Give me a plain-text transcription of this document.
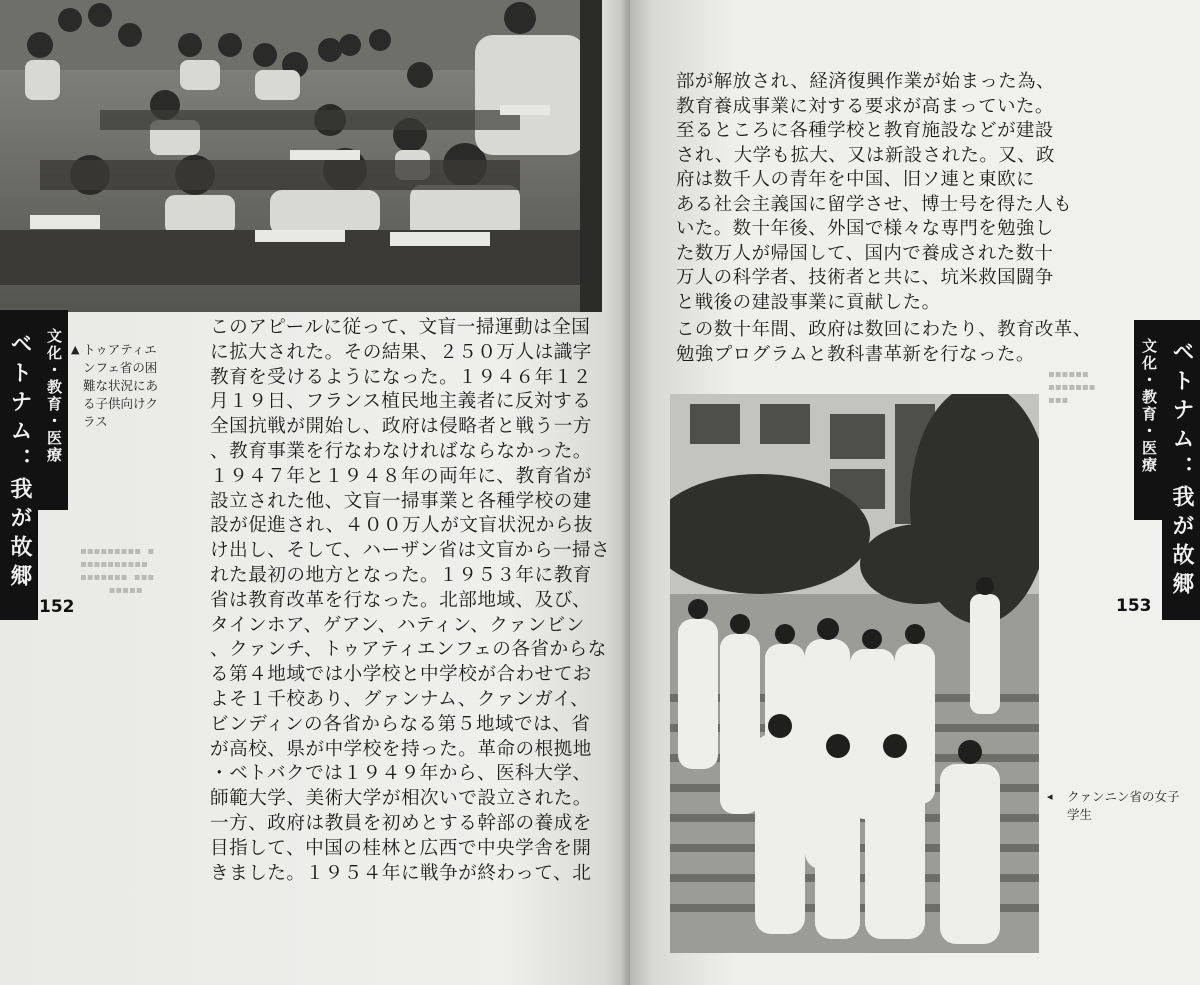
▲ トゥアティエ
ンフェ省の困
難な状況にあ
る子供向けク
ラス
▪▪▪▪▪▪▪▪▪  ▪
▪▪▪▪▪▪▪▪▪▪
▪▪▪▪▪▪▪  ▪▪▪
▪▪▪▪▪
ベトナム：我が故郷 文化・教育・医療
152
このアピールに従って、文盲一掃運動は全国
に拡大された。その結果、２５０万人は識字
教育を受けるようになった。１９４６年１２
月１９日、フランス植民地主義者に反対する
全国抗戦が開始し、政府は侵略者と戦う一方
、教育事業を行なわなければならなかった。
１９４７年と１９４８年の両年に、教育省が
設立された他、文盲一掃事業と各種学校の建
設が促進され、４００万人が文盲状況から抜
け出し、そして、ハーザン省は文盲から一掃さ
れた最初の地方となった。１９５３年に教育
省は教育改革を行なった。北部地域、及び、
タインホア、ゲアン、ハティン、クァンビン
、クァンチ、トゥアティエンフェの各省からな
る第４地域では小学校と中学校が合わせてお
よそ１千校あり、グァンナム、クァンガイ、
ビンディンの各省からなる第５地域では、省
が高校、県が中学校を持った。革命の根拠地
・ベトバクでは１９４９年から、医科大学、
師範大学、美術大学が相次いで設立された。
一方、政府は教員を初めとする幹部の養成を
目指して、中国の桂林と広西で中央学舎を開
きました。１９５４年に戦争が終わって、北
ベトナム：我が故郷
文化・教育・医療
153
▪▪▪▪▪▪
▪▪▪▪▪▪▪
▪▪▪
◂ クァンニン省の女子
学生
部が解放され、経済復興作業が始まった為、
教育養成事業に対する要求が高まっていた。
至るところに各種学校と教育施設などが建設
され、大学も拡大、又は新設された。又、政
府は数千人の青年を中国、旧ソ連と東欧に
ある社会主義国に留学させ、博士号を得た人も
いた。数十年後、外国で様々な専門を勉強し
た数万人が帰国して、国内で養成された数十
万人の科学者、技術者と共に、坑米救国闘争
と戦後の建設事業に貢献した。
この数十年間、政府は数回にわたり、教育改革、
勉強プログラムと教科書革新を行なった。
